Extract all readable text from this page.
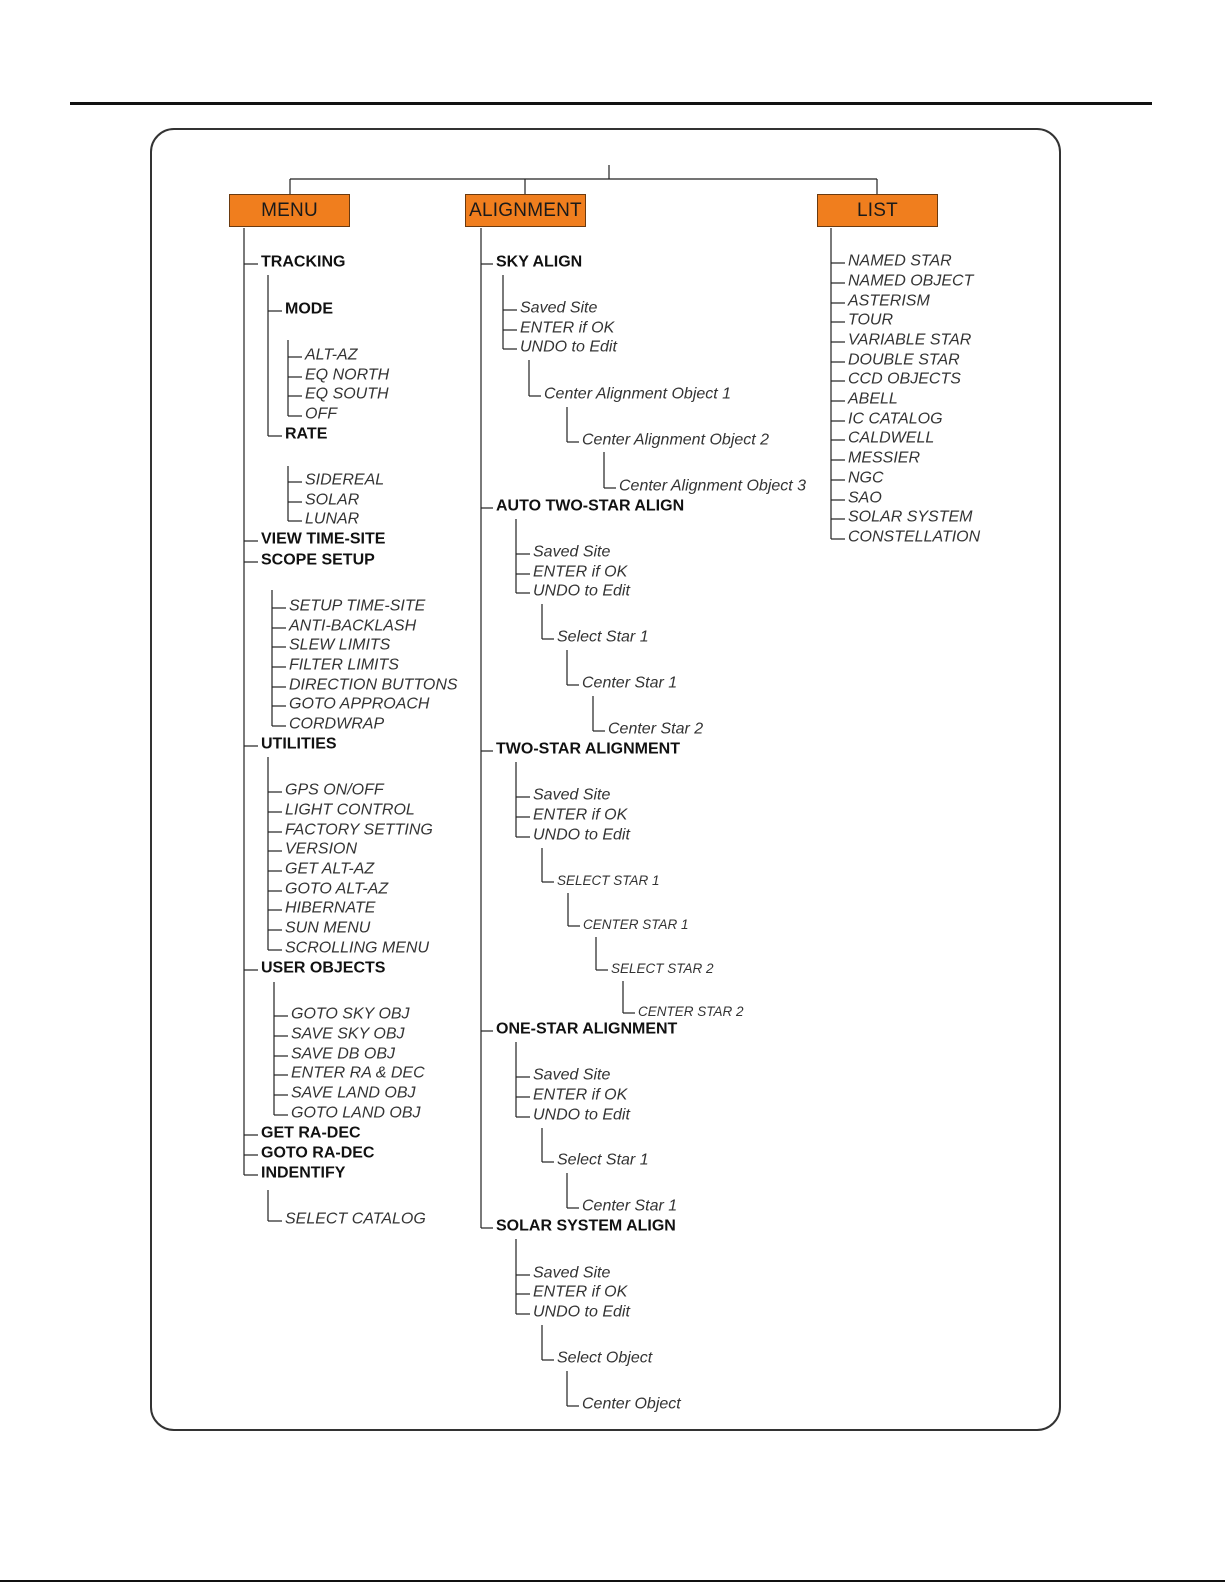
MENU	ALIGNMENT	LIST
TRACKING
MODE
ALT-AZ
EQ NORTH
EQ SOUTH
OFF
RATE
SIDEREAL
SOLAR
LUNAR
VIEW TIME-SITE
SCOPE SETUP
SETUP TIME-SITE
ANTI-BACKLASH
SLEW LIMITS
FILTER LIMITS
DIRECTION BUTTONS
GOTO APPROACH
CORDWRAP
UTILITIES
GPS ON/OFF
LIGHT CONTROL
FACTORY SETTING
VERSION
GET ALT-AZ
GOTO ALT-AZ
HIBERNATE
SUN MENU
SCROLLING MENU
USER OBJECTS
GOTO SKY OBJ
SAVE SKY OBJ
SAVE DB OBJ
ENTER RA & DEC
SAVE LAND OBJ
GOTO LAND OBJ
GET RA-DEC
GOTO RA-DEC
INDENTIFY
SELECT CATALOG
SKY ALIGN
Saved Site
ENTER if OK
UNDO to Edit
Center Alignment Object 1
Center Alignment Object 2
Center Alignment Object 3
AUTO TWO-STAR ALIGN
Saved Site
ENTER if OK
UNDO to Edit
Select Star 1
Center Star 1
Center Star 2
TWO-STAR ALIGNMENT
Saved Site
ENTER if OK
UNDO to Edit
SELECT STAR 1
CENTER STAR 1
SELECT STAR 2
CENTER STAR 2
ONE-STAR ALIGNMENT
Saved Site
ENTER if OK
UNDO to Edit
Select Star 1
Center Star 1
SOLAR SYSTEM ALIGN
Saved Site
ENTER if OK
UNDO to Edit
Select Object
Center Object
NAMED STAR
NAMED OBJECT
ASTERISM
TOUR
VARIABLE STAR
DOUBLE STAR
CCD OBJECTS
ABELL
IC CATALOG
CALDWELL
MESSIER
NGC
SAO
SOLAR SYSTEM
CONSTELLATION
